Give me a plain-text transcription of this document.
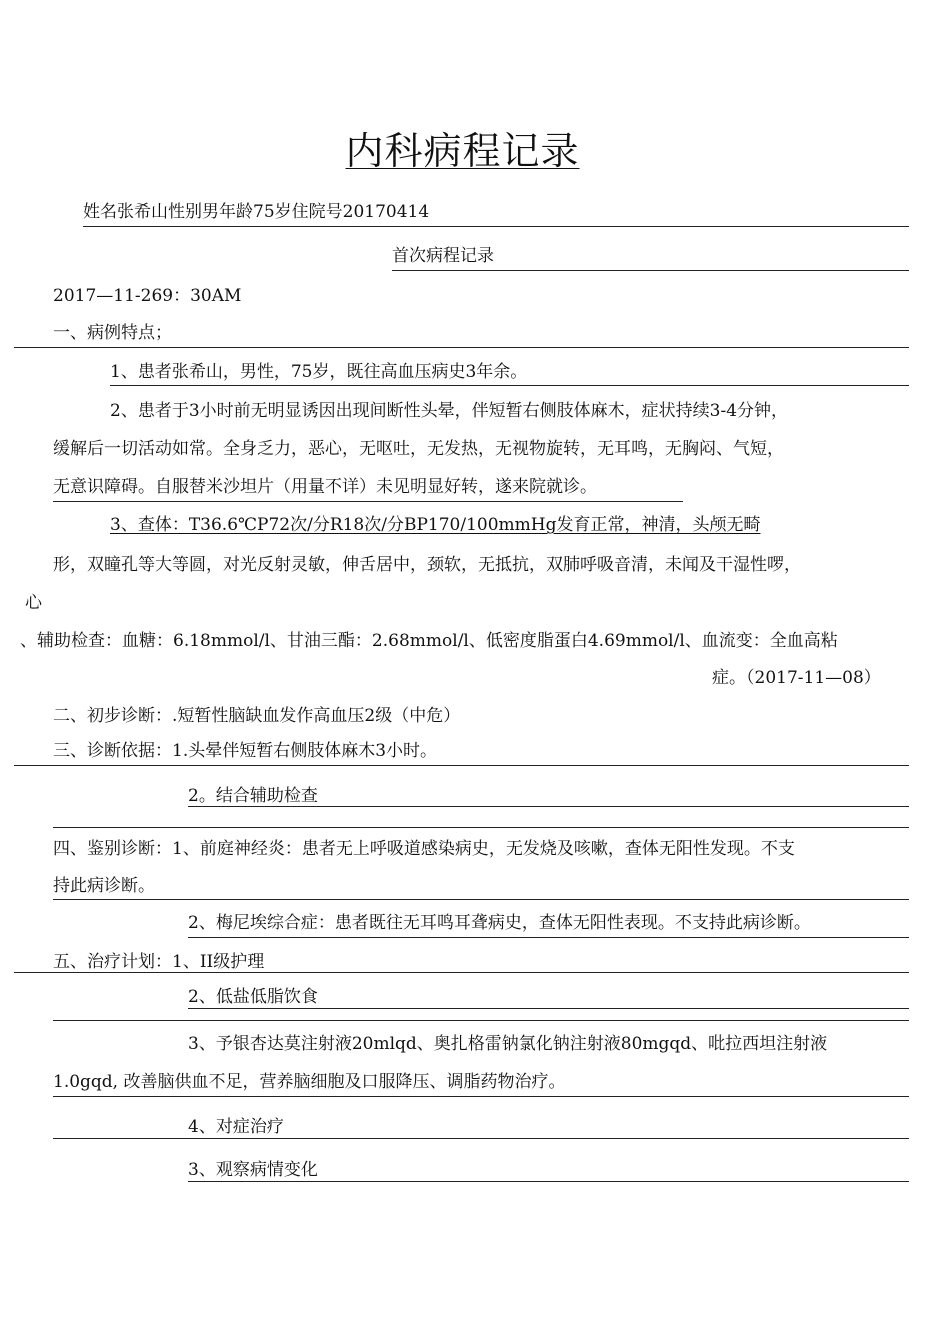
内科病程记录
姓名张希山性别男年龄75岁住院号20170414
首次病程记录
2017—11-269：30AM
一、病例特点；
1、患者张希山，男性，75岁，既往高血压病史3年余。
2、患者于3小时前无明显诱因出现间断性头晕，伴短暂右侧肢体麻木，症状持续3-4分钟，
缓解后一切活动如常。全身乏力，恶心，无呕吐，无发热，无视物旋转，无耳鸣，无胸闷、气短，
无意识障碍。自服替米沙坦片（用量不详）未见明显好转，遂来院就诊。
3、查体：T36.6℃P72次/分R18次/分BP170/100mmHg发育正常，神清，头颅无畸
形，双瞳孔等大等圆，对光反射灵敏，伸舌居中，颈软，无抵抗，双肺呼吸音清，未闻及干湿性啰，
心
、辅助检查：血糖：6.18mmol/l、甘油三酯：2.68mmol/l、低密度脂蛋白4.69mmol/l、血流变：全血高粘
症。（2017-11—08）
二、初步诊断：.短暂性脑缺血发作高血压2级（中危）
三、诊断依据：1.头晕伴短暂右侧肢体麻木3小时。
2。结合辅助检查
四、鉴别诊断：1、前庭神经炎：患者无上呼吸道感染病史，无发烧及咳嗽，查体无阳性发现。不支
持此病诊断。
2、梅尼埃综合症：患者既往无耳鸣耳聋病史，查体无阳性表现。不支持此病诊断。
五、治疗计划：1、II级护理
2、低盐低脂饮食
3、予银杏达莫注射液20mlqd、奥扎格雷钠氯化钠注射液80mgqd、吡拉西坦注射液
1.0gqd, 改善脑供血不足，营养脑细胞及口服降压、调脂药物治疗。
4、对症治疗
3、观察病情变化
